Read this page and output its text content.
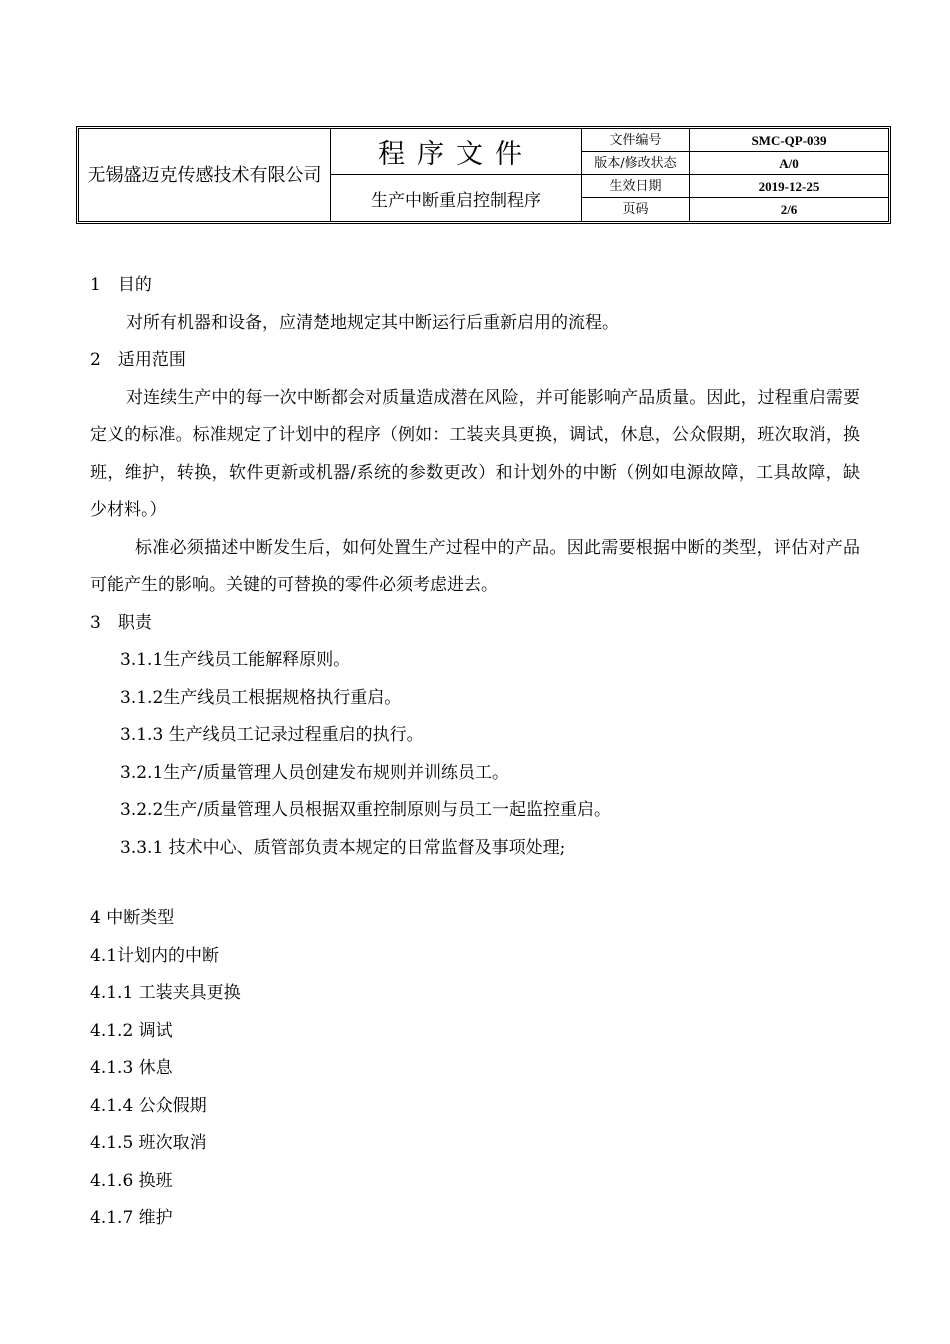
无锡盛迈克传感技术有限公司
程序文件
生产中断重启控制程序
文件编号	SMC-QP-039
版本/修改状态	A/0
生效日期	2019-12-25
页码	2/6

1　目的

对所有机器和设备，应清楚地规定其中断运行后重新启用的流程。

2　适用范围

对连续生产中的每一次中断都会对质量造成潜在风险，并可能影响产品质量。因此，过程重启需要定义的标准。标准规定了计划中的程序（例如：工装夹具更换，调试，休息，公众假期，班次取消，换班，维护，转换，软件更新或机器/系统的参数更改）和计划外的中断（例如电源故障，工具故障，缺少材料。）

标准必须描述中断发生后，如何处置生产过程中的产品。因此需要根据中断的类型，评估对产品可能产生的影响。关键的可替换的零件必须考虑进去。

3　职责

3.1.1生产线员工能解释原则。

3.1.2生产线员工根据规格执行重启。

3.1.3 生产线员工记录过程重启的执行。

3.2.1生产/质量管理人员创建发布规则并训练员工。

3.2.2生产/质量管理人员根据双重控制原则与员工一起监控重启。

3.3.1 技术中心、质管部负责本规定的日常监督及事项处理;

4 中断类型

4.1计划内的中断

4.1.1 工装夹具更换

4.1.2 调试

4.1.3 休息

4.1.4 公众假期

4.1.5 班次取消

4.1.6 换班

4.1.7 维护
